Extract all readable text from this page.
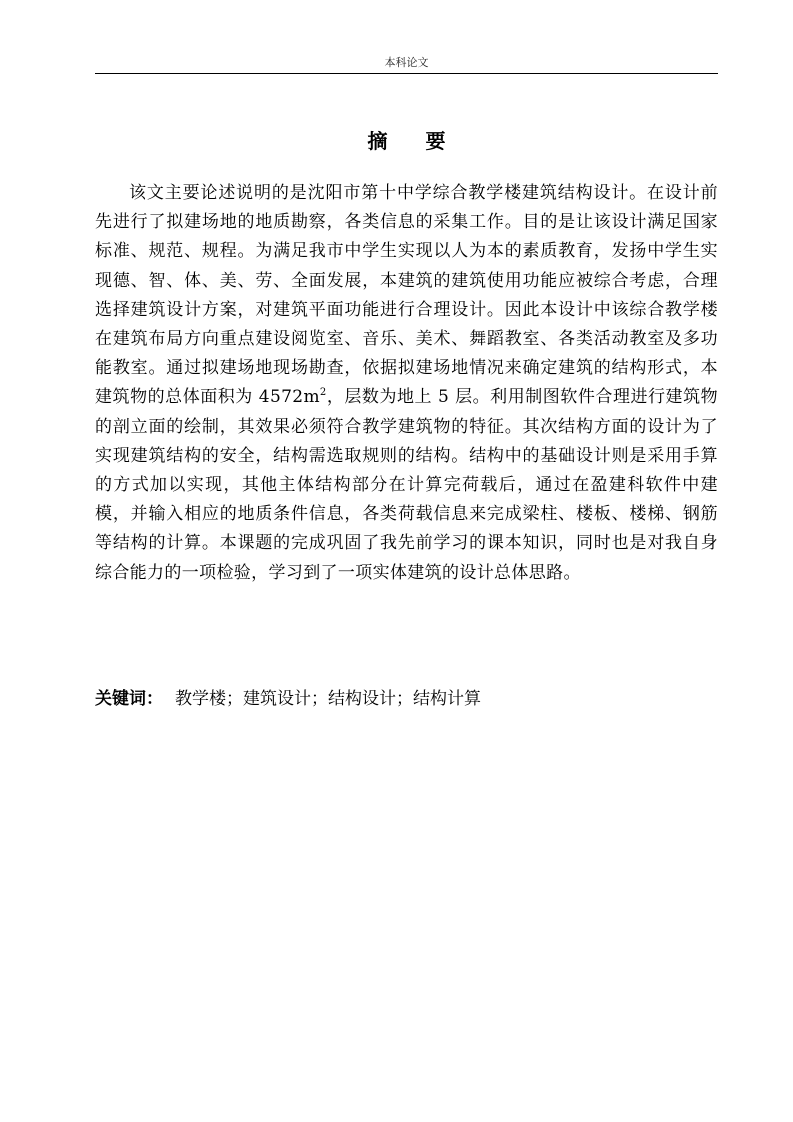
本科论文
摘 要

该文主要论述说明的是沈阳市第十中学综合教学楼建筑结构设计。在设计前先进行了拟建场地的地质勘察，各类信息的采集工作。目的是让该设计满足国家标准、规范、规程。为满足我市中学生实现以人为本的素质教育，发扬中学生实现德、智、体、美、劳、全面发展，本建筑的建筑使用功能应被综合考虑，合理选择建筑设计方案，对建筑平面功能进行合理设计。因此本设计中该综合教学楼在建筑布局方向重点建设阅览室、音乐、美术、舞蹈教室、各类活动教室及多功能教室。通过拟建场地现场勘查，依据拟建场地情况来确定建筑的结构形式，本建筑物的总体面积为 $4572m^2$，层数为地上 5 层。利用制图软件合理进行建筑物的剖立面的绘制，其效果必须符合教学建筑物的特征。其次结构方面的设计为了实现建筑结构的安全，结构需选取规则的结构。结构中的基础设计则是采用手算的方式加以实现，其他主体结构部分在计算完荷载后，通过在盈建科软件中建模，并输入相应的地质条件信息，各类荷载信息来完成梁柱、楼板、楼梯、钢筋等结构的计算。本课题的完成巩固了我先前学习的课本知识，同时也是对我自身综合能力的一项检验，学习到了一项实体建筑的设计总体思路。

关键词： 教学楼；建筑设计；结构设计；结构计算
